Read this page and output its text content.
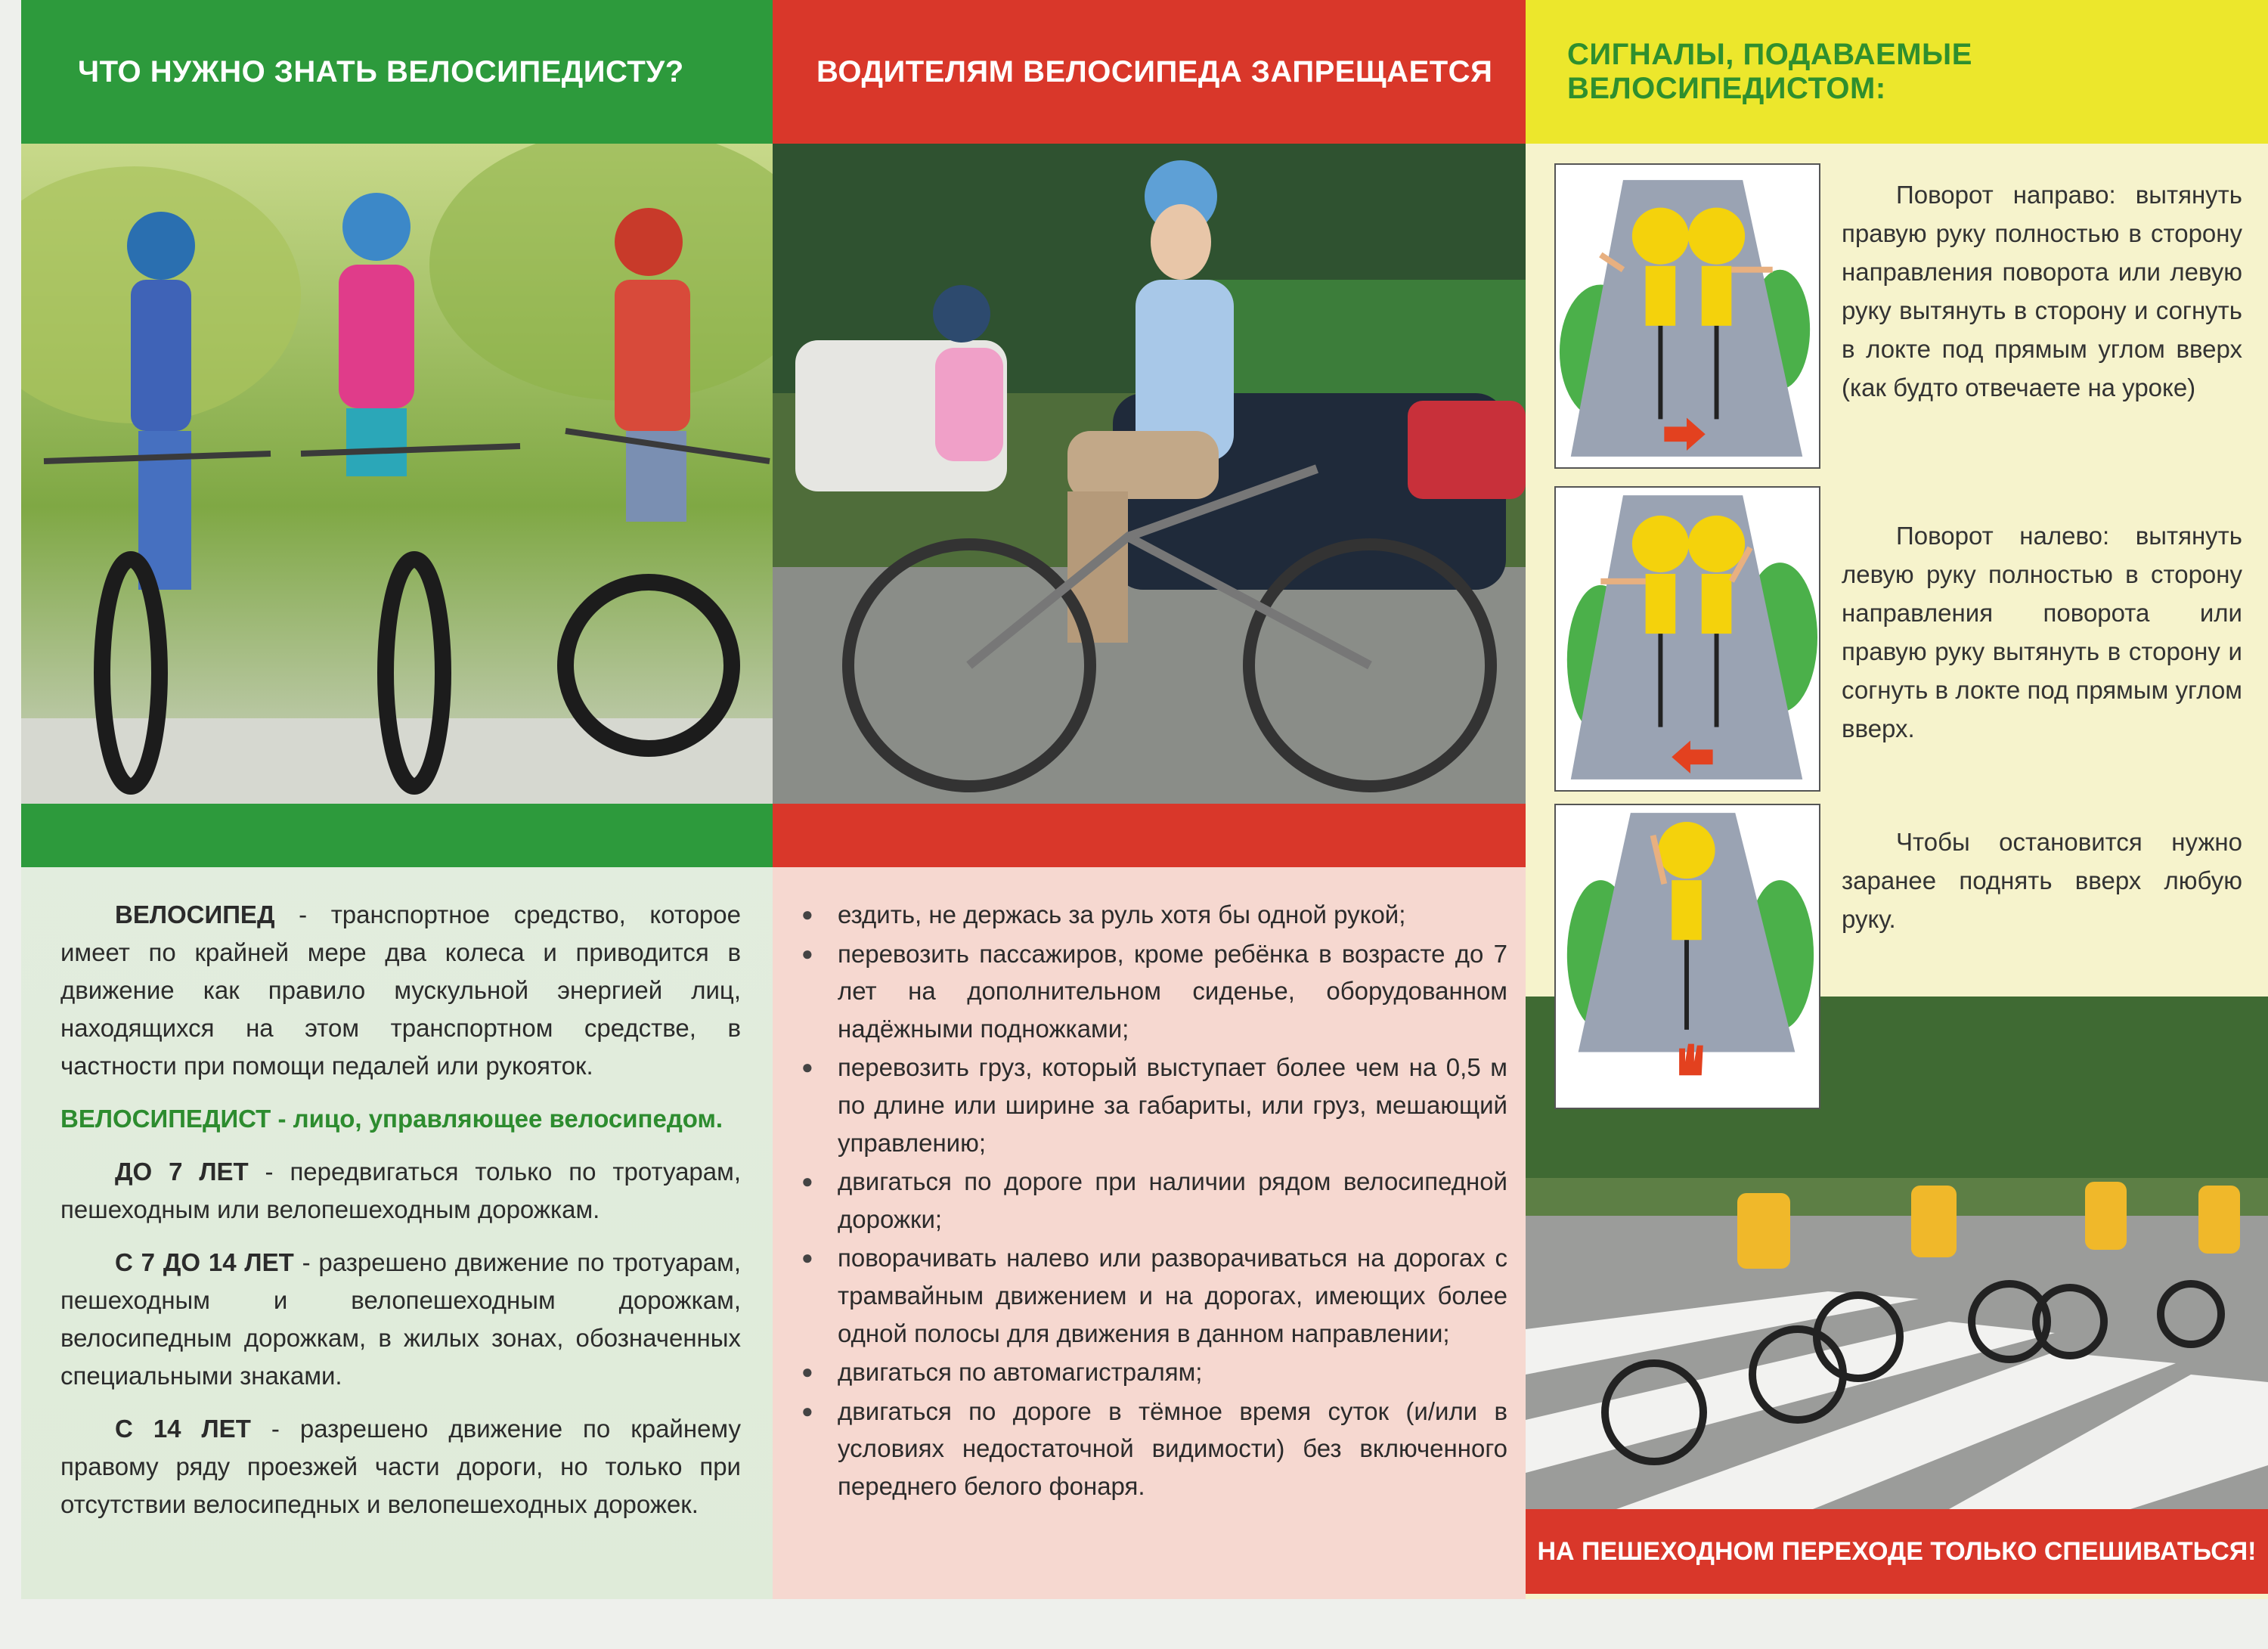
ЧТО НУЖНО ЗНАТЬ ВЕЛОСИПЕДИСТУ?

ВЕЛОСИПЕД - транспортное средство, которое имеет по крайней мере два колеса и приводится в движение как правило мускульной энергией лиц, находящихся на этом транспортном средстве, в частности при помощи педалей или рукояток.

ВЕЛОСИПЕДИСТ - лицо, управляющее велосипедом.

ДО 7 ЛЕТ - передвигаться только по тротуарам, пешеходным или велопешеходным дорожкам.

С 7 ДО 14 ЛЕТ - разрешено движение по тротуарам, пешеходным и велопешеходным дорожкам, велосипедным дорожкам, в жилых зонах, обозначенных специальными знаками.

С 14 ЛЕТ - разрешено движение по крайнему правому ряду проезжей части дороги, но только при отсутствии велосипедных и велопешеходных дорожек.

ВОДИТЕЛЯМ ВЕЛОСИПЕДА ЗАПРЕЩАЕТСЯ
● ездить, не держась за руль хотя бы одной рукой;
● перевозить пассажиров, кроме ребёнка в возрасте до 7 лет на дополнительном сиденье, оборудованном надёжными подножками;
● перевозить груз, который выступает более чем на 0,5 м по длине или ширине за габариты, или груз, мешающий управлению;
● двигаться по дороге при наличии рядом велосипедной дорожки;
● поворачивать налево или разворачиваться на дорогах с трамвайным движением и на дорогах, имеющих более одной полосы для движения в данном направлении;
● двигаться по автомагистралям;
● двигаться по дороге в тёмное время суток (и/или в условиях недостаточной видимости) без включенного переднего белого фонаря.
СИГНАЛЫ, ПОДАВАЕМЫЕ ВЕЛОСИПЕДИСТОМ:
Поворот направо: вытянуть правую руку полностью в сторону направления поворота или левую руку вытянуть в сторону и согнуть в локте под прямым углом вверх (как будто отвечаете на уроке)
Поворот налево: вытянуть левую руку полностью в сторону направления поворота или правую руку вытянуть в сторону и согнуть в локте под прямым углом вверх.
Чтобы остановится нужно заранее поднять вверх любую руку.
НА ПЕШЕХОДНОМ ПЕРЕХОДЕ ТОЛЬКО СПЕШИВАТЬСЯ!
